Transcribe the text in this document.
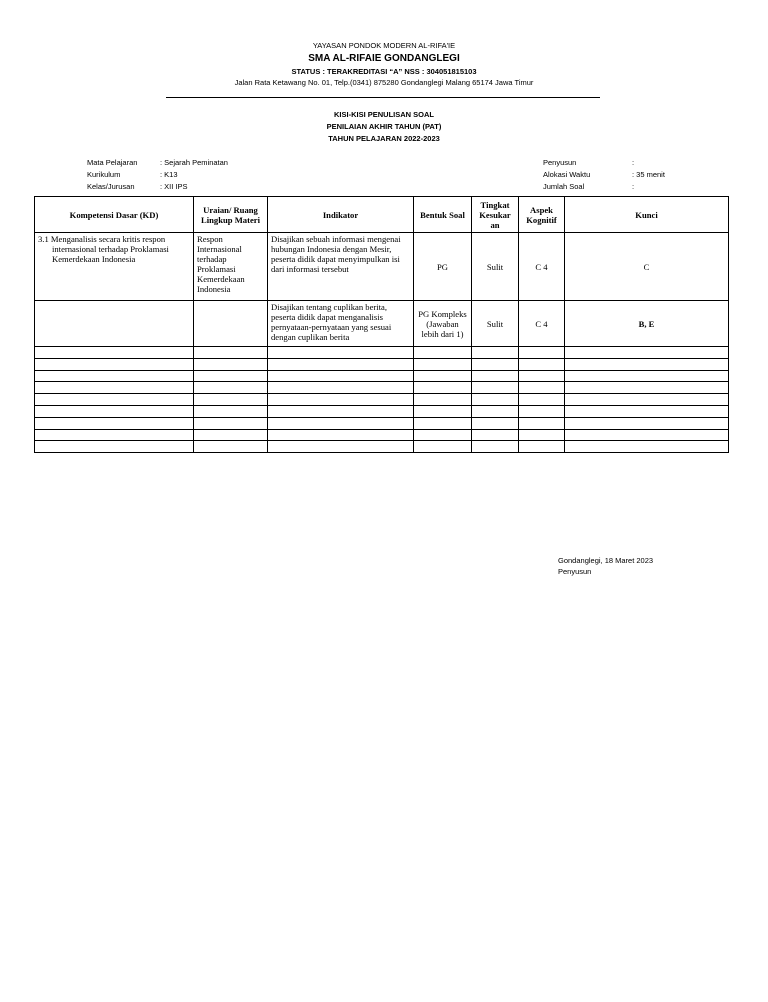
YAYASAN PONDOK MODERN AL-RIFA'IE
SMA AL-RIFAIE GONDANGLEGI
STATUS : TERAKREDITASI “A” NSS : 304051815103
Jalan Rata Ketawang No. 01, Telp.(0341) 875280 Gondanglegi Malang 65174 Jawa Timur
KISI-KISI PENULISAN SOAL
PENILAIAN AKHIR TAHUN (PAT)
TAHUN PELAJARAN 2022-2023
Mata Pelajaran	: Sejarah Peminatan
Kurikulum	: K13
Kelas/Jurusan	: XII IPS
Penyusun	:
Alokasi Waktu	: 35 menit
Jumlah Soal	:
Kompetensi Dasar (KD)	Uraian/ Ruang Lingkup Materi	Indikator	Bentuk Soal	Tingkat Kesukar an	Aspek Kognitif	Kunci

3.1 Menganalisis secara kritis respon internasional terhadap Proklamasi Kemerdekaan Indonesia	Respon Internasional terhadap Proklamasi Kemerdekaan Indonesia	Disajikan sebuah informasi mengenai hubungan Indonesia dengan Mesir, peserta didik dapat menyimpulkan isi dari informasi tersebut	PG	Sulit	C 4	C
		Disajikan tentang cuplikan berita, peserta didik dapat menganalisis pernyataan-pernyataan yang sesuai dengan cuplikan berita	PG Kompleks (Jawaban lebih dari 1)	Sulit	C 4	B, E

Gondanglegi, 18 Maret 2023
Penyusun
